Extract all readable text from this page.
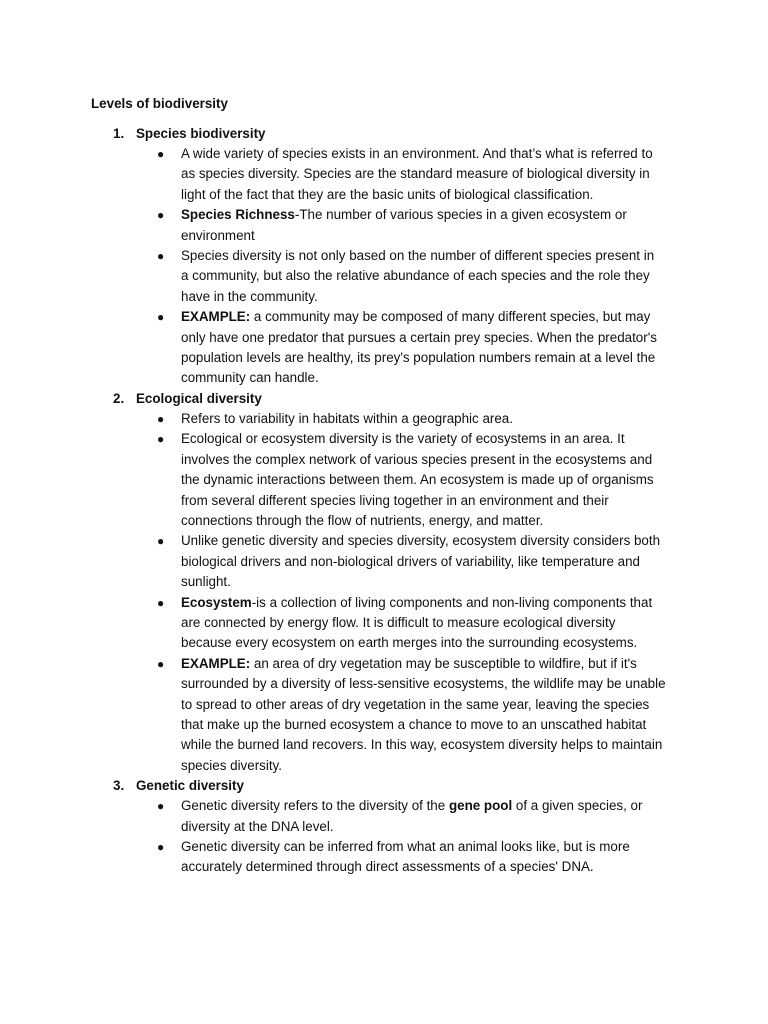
Levels of biodiversity
1. Species biodiversity
● A wide variety of species exists in an environment. And that’s what is referred to
as species diversity. Species are the standard measure of biological diversity in
light of the fact that they are the basic units of biological classification.
● Species Richness-The number of various species in a given ecosystem or
environment
● Species diversity is not only based on the number of different species present in
a community, but also the relative abundance of each species and the role they
have in the community.
● EXAMPLE: a community may be composed of many different species, but may
only have one predator that pursues a certain prey species. When the predator's
population levels are healthy, its prey's population numbers remain at a level the
community can handle.
2. Ecological diversity
● Refers to variability in habitats within a geographic area.
● Ecological or ecosystem diversity is the variety of ecosystems in an area. It
involves the complex network of various species present in the ecosystems and
the dynamic interactions between them. An ecosystem is made up of organisms
from several different species living together in an environment and their
connections through the flow of nutrients, energy, and matter.
● Unlike genetic diversity and species diversity, ecosystem diversity considers both
biological drivers and non-biological drivers of variability, like temperature and
sunlight.
● Ecosystem-is a collection of living components and non-living components that
are connected by energy flow. It is difficult to measure ecological diversity
because every ecosystem on earth merges into the surrounding ecosystems.
● EXAMPLE: an area of dry vegetation may be susceptible to wildfire, but if it's
surrounded by a diversity of less-sensitive ecosystems, the wildlife may be unable
to spread to other areas of dry vegetation in the same year, leaving the species
that make up the burned ecosystem a chance to move to an unscathed habitat
while the burned land recovers. In this way, ecosystem diversity helps to maintain
species diversity.
3. Genetic diversity
● Genetic diversity refers to the diversity of the gene pool of a given species, or
diversity at the DNA level.
● Genetic diversity can be inferred from what an animal looks like, but is more
accurately determined through direct assessments of a species' DNA.
